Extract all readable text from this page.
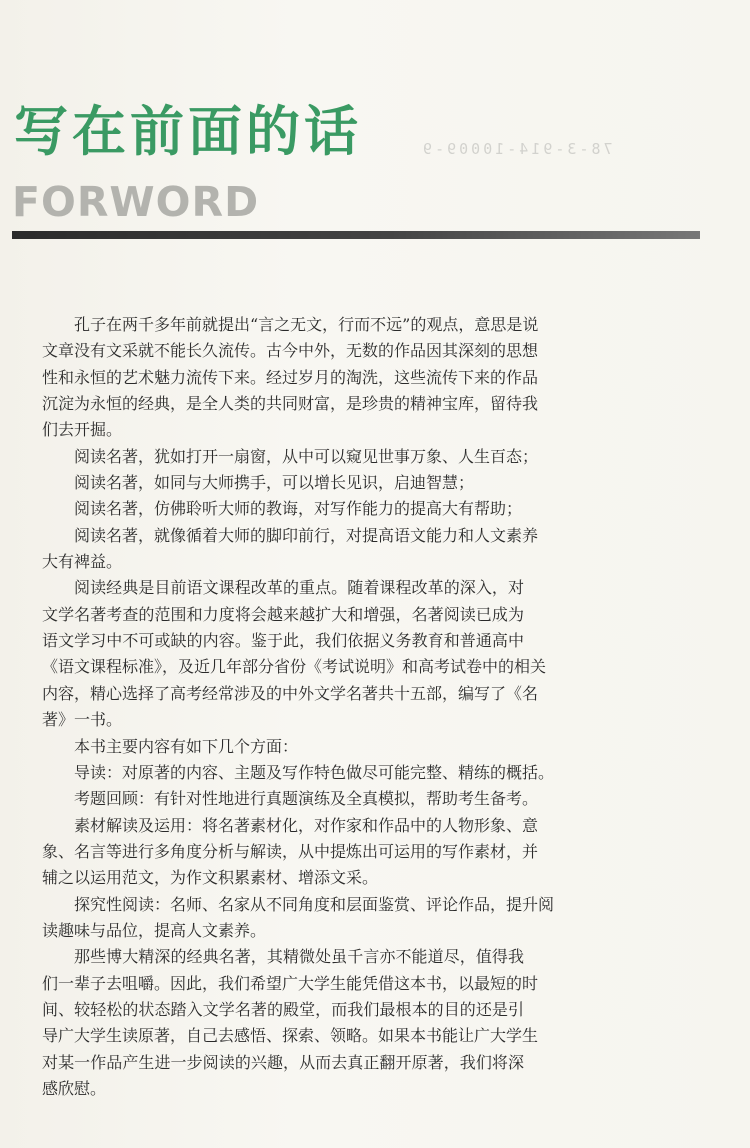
78-3-914-10009-9
写在前面的话
FORWORD
孔子在两千多年前就提出“言之无文，行而不远”的观点，意思是说
文章没有文采就不能长久流传。古今中外，无数的作品因其深刻的思想
性和永恒的艺术魅力流传下来。经过岁月的淘洗，这些流传下来的作品
沉淀为永恒的经典，是全人类的共同财富，是珍贵的精神宝库，留待我
们去开掘。
阅读名著，犹如打开一扇窗，从中可以窥见世事万象、人生百态；
阅读名著，如同与大师携手，可以增长见识，启迪智慧；
阅读名著，仿佛聆听大师的教诲，对写作能力的提高大有帮助；
阅读名著，就像循着大师的脚印前行，对提高语文能力和人文素养
大有裨益。
阅读经典是目前语文课程改革的重点。随着课程改革的深入，对
文学名著考查的范围和力度将会越来越扩大和增强，名著阅读已成为
语文学习中不可或缺的内容。鉴于此，我们依据义务教育和普通高中
《语文课程标准》，及近几年部分省份《考试说明》和高考试卷中的相关
内容，精心选择了高考经常涉及的中外文学名著共十五部，编写了《名
著》一书。
本书主要内容有如下几个方面：
导读：对原著的内容、主题及写作特色做尽可能完整、精练的概括。
考题回顾：有针对性地进行真题演练及全真模拟，帮助考生备考。
素材解读及运用：将名著素材化，对作家和作品中的人物形象、意
象、名言等进行多角度分析与解读，从中提炼出可运用的写作素材，并
辅之以运用范文，为作文积累素材、增添文采。
探究性阅读：名师、名家从不同角度和层面鉴赏、评论作品，提升阅
读趣味与品位，提高人文素养。
那些博大精深的经典名著，其精微处虽千言亦不能道尽，值得我
们一辈子去咀嚼。因此，我们希望广大学生能凭借这本书，以最短的时
间、较轻松的状态踏入文学名著的殿堂，而我们最根本的目的还是引
导广大学生读原著，自己去感悟、探索、领略。如果本书能让广大学生
对某一作品产生进一步阅读的兴趣，从而去真正翻开原著，我们将深
感欣慰。
